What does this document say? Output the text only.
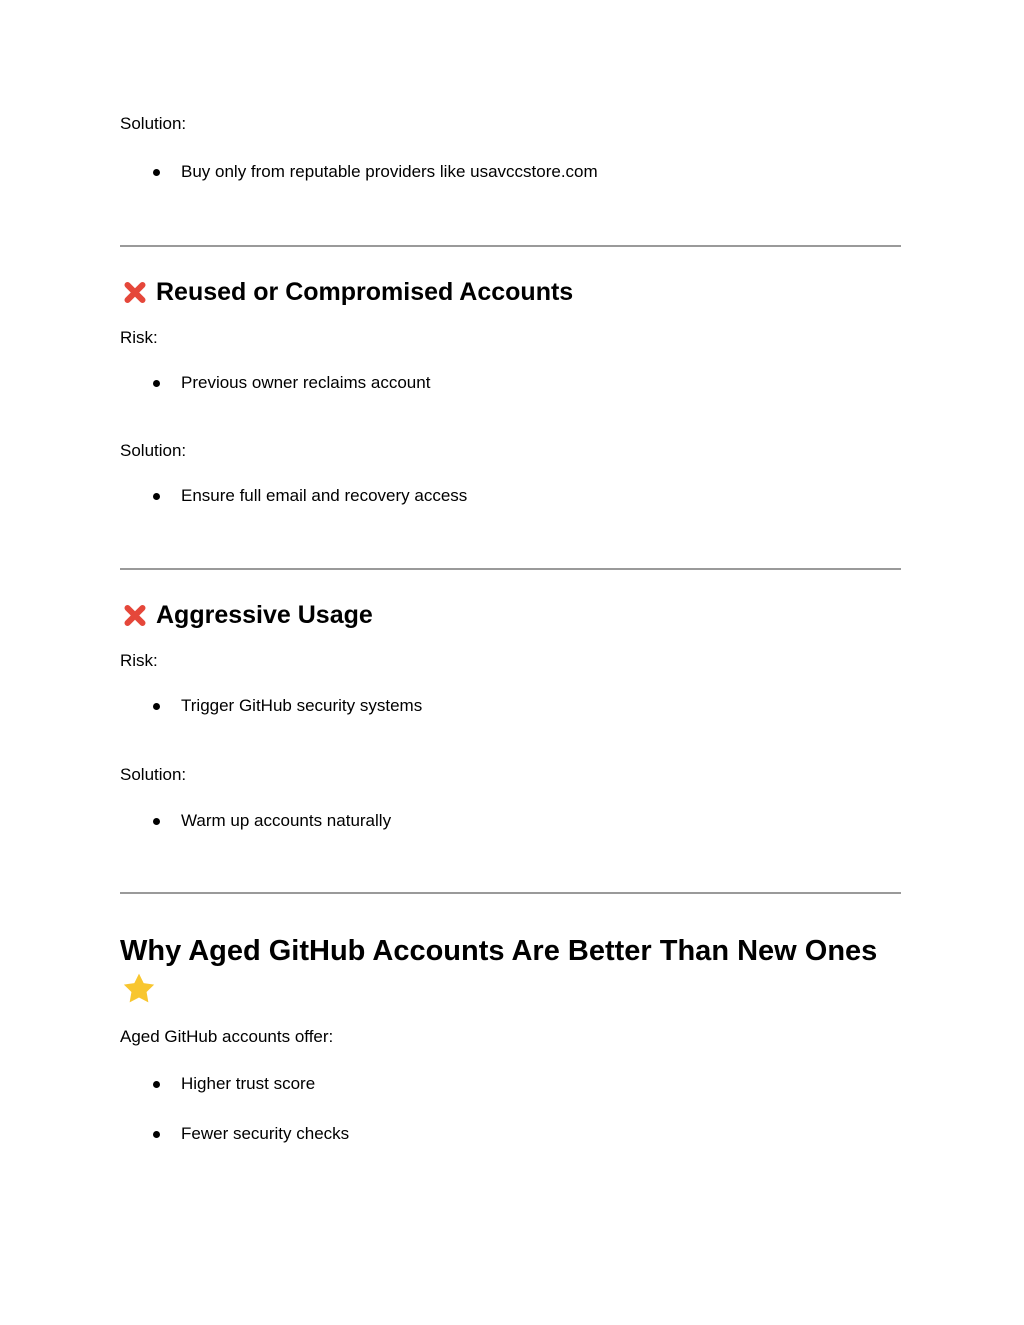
Solution:
Buy only from reputable providers like usavccstore.com
Reused or Compromised Accounts
Risk:
Previous owner reclaims account
Solution:
Ensure full email and recovery access
Aggressive Usage
Risk:
Trigger GitHub security systems
Solution:
Warm up accounts naturally
Why Aged GitHub Accounts Are Better Than New Ones
Aged GitHub accounts offer:
Higher trust score
Fewer security checks
